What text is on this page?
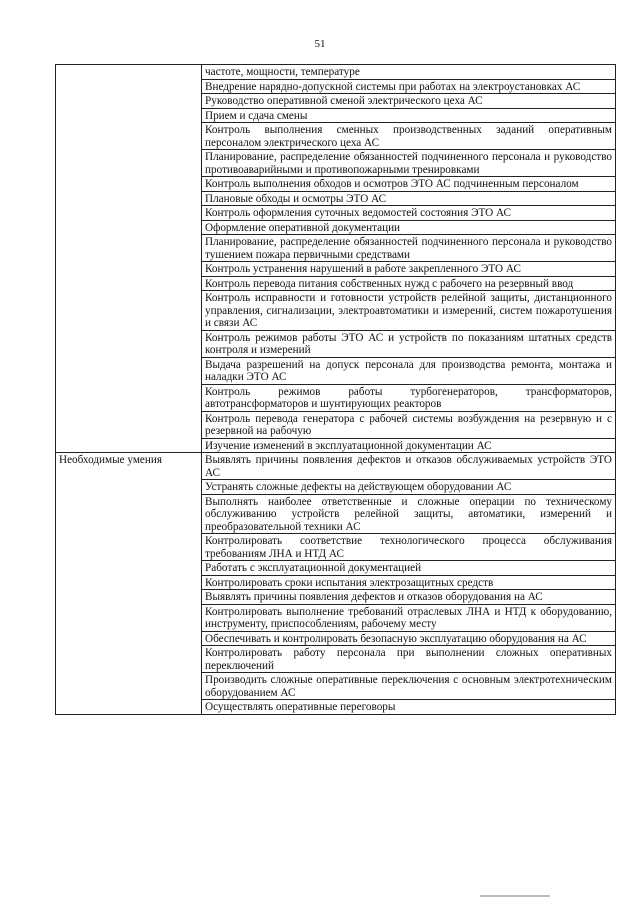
51

	частоте, мощности, температуре

	Внедрение нарядно-допускной системы при работах на электроустановках АС

	Руководство оперативной сменой электрического цеха АС

	Прием и сдача смены

	Контроль выполнения сменных производственных заданий оперативным персоналом электрического цеха АС

	Планирование, распределение обязанностей подчиненного персонала и руководство противоаварийными и противопожарными тренировками

	Контроль выполнения обходов и осмотров ЭТО АС подчиненным персоналом

	Плановые обходы и осмотры ЭТО АС

	Контроль оформления суточных ведомостей состояния ЭТО АС

	Оформление оперативной документации

	Планирование, распределение обязанностей подчиненного персонала и руководство тушением пожара первичными средствами

	Контроль устранения нарушений в работе закрепленного ЭТО АС

	Контроль перевода питания собственных нужд с рабочего на резервный ввод

	Контроль исправности и готовности устройств релейной защиты, дистанционного управления, сигнализации, электроавтоматики и измерений, систем пожаротушения и связи АС

	Контроль режимов работы ЭТО АС и устройств по показаниям штатных средств контроля и измерений

	Выдача разрешений на допуск персонала для производства ремонта, монтажа и наладки ЭТО АС

	Контроль режимов работы турбогенераторов, трансформаторов, автотрансформаторов и шунтирующих реакторов

	Контроль перевода генератора с рабочей системы возбуждения на резервную и с резервной на рабочую

	Изучение изменений в эксплуатационной документации АС

Необходимые умения	Выявлять причины появления дефектов и отказов обслуживаемых устройств ЭТО АС

	Устранять сложные дефекты на действующем оборудовании АС

	Выполнять наиболее ответственные и сложные операции по техническому обслуживанию устройств релейной защиты, автоматики, измерений и преобразовательной техники АС

	Контролировать соответствие технологического процесса обслуживания требованиям ЛНА и НТД АС

	Работать с эксплуатационной документацией

	Контролировать сроки испытания электрозащитных средств

	Выявлять причины появления дефектов и отказов оборудования на АС

	Контролировать выполнение требований отраслевых ЛНА и НТД к оборудованию, инструменту, приспособлениям, рабочему месту

	Обеспечивать и контролировать безопасную эксплуатацию оборудования на АС

	Контролировать работу персонала при выполнении сложных оперативных переключений

	Производить сложные оперативные переключения с основным электротехническим оборудованием АС

	Осуществлять оперативные переговоры
